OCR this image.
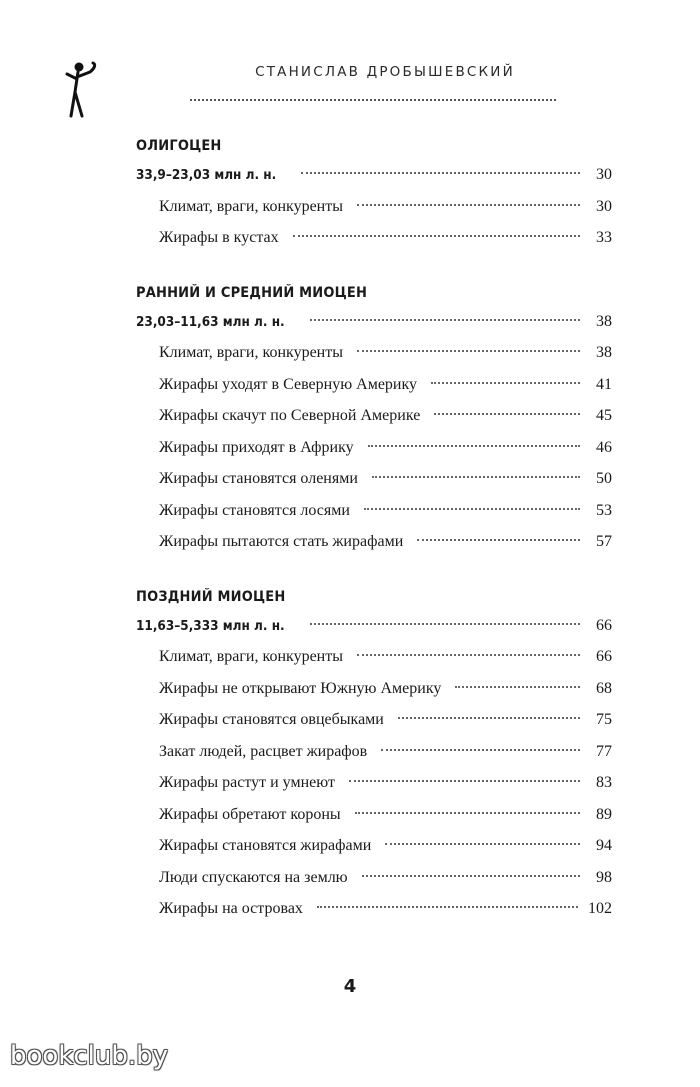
СТАНИСЛАВ ДРОБЫШЕВСКИЙ
ОЛИГОЦЕН
33,9–23,03 млн л. н.	30
Климат, враги, конкуренты	30
Жирафы в кустах	33
РАННИЙ И СРЕДНИЙ МИОЦЕН
23,03–11,63 млн л. н.	38
Климат, враги, конкуренты	38
Жирафы уходят в Северную Америку	41
Жирафы скачут по Северной Америке	45
Жирафы приходят в Африку	46
Жирафы становятся оленями	50
Жирафы становятся лосями	53
Жирафы пытаются стать жирафами	57
ПОЗДНИЙ МИОЦЕН
11,63–5,333 млн л. н.	66
Климат, враги, конкуренты	66
Жирафы не открывают Южную Америку	68
Жирафы становятся овцебыками	75
Закат людей, расцвет жирафов	77
Жирафы растут и умнеют	83
Жирафы обретают короны	89
Жирафы становятся жирафами	94
Люди спускаются на землю	98
Жирафы на островах	102
4
bookclub.by
